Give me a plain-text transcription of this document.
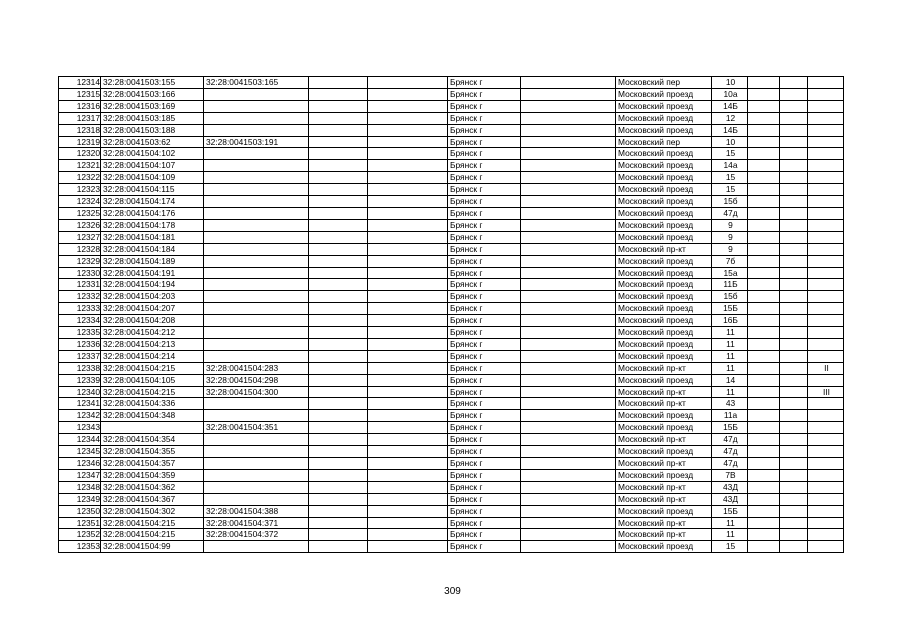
12314	32:28:0041503:155	32:28:0041503:165			Брянск г		Московский пер	10			
12315	32:28:0041503:166				Брянск г		Московский проезд	10а			
12316	32:28:0041503:169				Брянск г		Московский проезд	14Б			
12317	32:28:0041503:185				Брянск г		Московский проезд	12			
12318	32:28:0041503:188				Брянск г		Московский проезд	14Б			
12319	32:28:0041503:62	32:28:0041503:191			Брянск г		Московский пер	10			
12320	32:28:0041504:102				Брянск г		Московский проезд	15			
12321	32:28:0041504:107				Брянск г		Московский проезд	14а			
12322	32:28:0041504:109				Брянск г		Московский проезд	15			
12323	32:28:0041504:115				Брянск г		Московский проезд	15			
12324	32:28:0041504:174				Брянск г		Московский проезд	15б			
12325	32:28:0041504:176				Брянск г		Московский проезд	47д			
12326	32:28:0041504:178				Брянск г		Московский проезд	9			
12327	32:28:0041504:181				Брянск г		Московский проезд	9			
12328	32:28:0041504:184				Брянск г		Московский пр-кт	9			
12329	32:28:0041504:189				Брянск г		Московский проезд	7б			
12330	32:28:0041504:191				Брянск г		Московский проезд	15а			
12331	32:28:0041504:194				Брянск г		Московский проезд	11Б			
12332	32:28:0041504:203				Брянск г		Московский проезд	15б			
12333	32:28:0041504:207				Брянск г		Московский проезд	15Б			
12334	32:28:0041504:208				Брянск г		Московский проезд	16Б			
12335	32:28:0041504:212				Брянск г		Московский проезд	11			
12336	32:28:0041504:213				Брянск г		Московский проезд	11			
12337	32:28:0041504:214				Брянск г		Московский проезд	11			
12338	32:28:0041504:215	32:28:0041504:283			Брянск г		Московский пр-кт	11			II
12339	32:28:0041504:105	32:28:0041504:298			Брянск г		Московский проезд	14			
12340	32:28:0041504:215	32:28:0041504:300			Брянск г		Московский пр-кт	11			III
12341	32:28:0041504:336				Брянск г		Московский пр-кт	43			
12342	32:28:0041504:348				Брянск г		Московский проезд	11а			
12343		32:28:0041504:351			Брянск г		Московский проезд	15Б			
12344	32:28:0041504:354				Брянск г		Московский пр-кт	47д			
12345	32:28:0041504:355				Брянск г		Московский проезд	47д			
12346	32:28:0041504:357				Брянск г		Московский пр-кт	47д			
12347	32:28:0041504:359				Брянск г		Московский проезд	7В			
12348	32:28:0041504:362				Брянск г		Московский пр-кт	43Д			
12349	32:28:0041504:367				Брянск г		Московский пр-кт	43Д			
12350	32:28:0041504:302	32:28:0041504:388			Брянск г		Московский проезд	15Б			
12351	32:28:0041504:215	32:28:0041504:371			Брянск г		Московский пр-кт	11			
12352	32:28:0041504:215	32:28:0041504:372			Брянск г		Московский пр-кт	11			
12353	32:28:0041504:99				Брянск г		Московский проезд	15			
309
